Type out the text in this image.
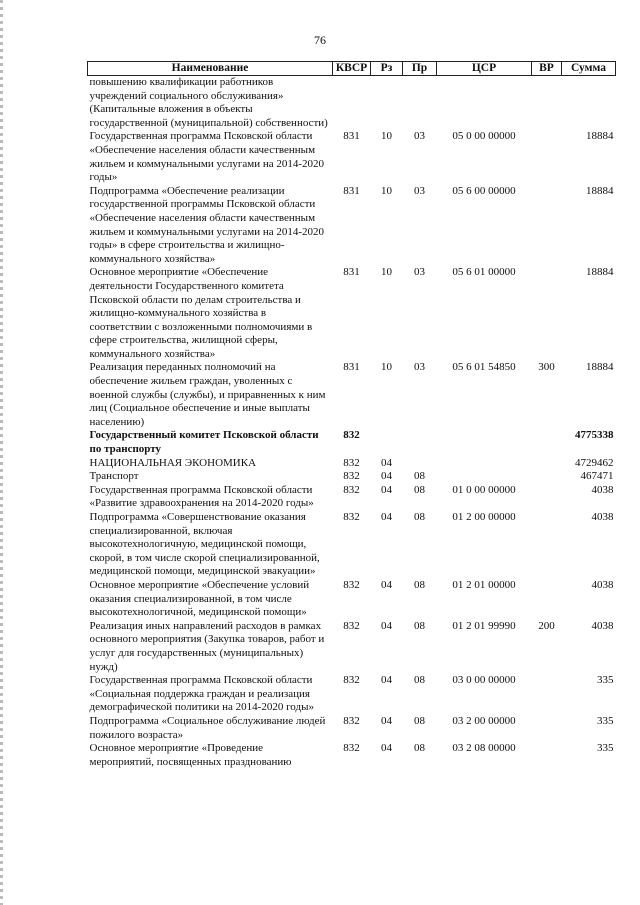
76
Наименование	КВСР	Рз	Пр	ЦСР	ВР	Сумма
повышению квалификации работников учреждений социального обслуживания» (Капитальные вложения в объекты государственной (муниципальной) собственности)						
Государственная программа Псковской области «Обеспечение населения области качественным жильем и коммунальными услугами на 2014-2020 годы»	831	10	03	05 0 00 00000		18884
Подпрограмма «Обеспечение реализации государственной программы Псковской области «Обеспечение населения области качественным жильем и коммунальными услугами на 2014-2020 годы» в сфере строительства и жилищно-коммунального хозяйства»	831	10	03	05 6 00 00000		18884
Основное мероприятие «Обеспечение деятельности Государственного комитета Псковской области по делам строительства и жилищно-коммунального хозяйства в соответствии с возложенными полномочиями в сфере строительства, жилищной сферы, коммунального хозяйства»	831	10	03	05 6 01 00000		18884
Реализация переданных полномочий на обеспечение жильем граждан, уволенных с военной службы (службы), и приравненных к ним лиц (Социальное обеспечение и иные выплаты населению)	831	10	03	05 6 01 54850	300	18884
Государственный комитет Псковской области по транспорту	832					4775338
НАЦИОНАЛЬНАЯ ЭКОНОМИКА	832	04				4729462
Транспорт	832	04	08			467471
Государственная программа Псковской области «Развитие здравоохранения на 2014-2020 годы»	832	04	08	01 0 00 00000		4038
Подпрограмма «Совершенствование оказания специализированной, включая высокотехнологичную, медицинской помощи, скорой, в том числе скорой специализированной, медицинской помощи, медицинской эвакуации»	832	04	08	01 2 00 00000		4038
Основное мероприятие «Обеспечение условий оказания специализированной, в том числе высокотехнологичной, медицинской помощи»	832	04	08	01 2 01 00000		4038
Реализация иных направлений расходов в рамках основного мероприятия (Закупка товаров, работ и услуг для государственных (муниципальных) нужд)	832	04	08	01 2 01 99990	200	4038
Государственная программа Псковской области «Социальная поддержка граждан и реализация демографической политики на 2014-2020 годы»	832	04	08	03 0 00 00000		335
Подпрограмма «Социальное обслуживание людей пожилого возраста»	832	04	08	03 2 00 00000		335
Основное мероприятие «Проведение мероприятий, посвященных празднованию	832	04	08	03 2 08 00000		335
